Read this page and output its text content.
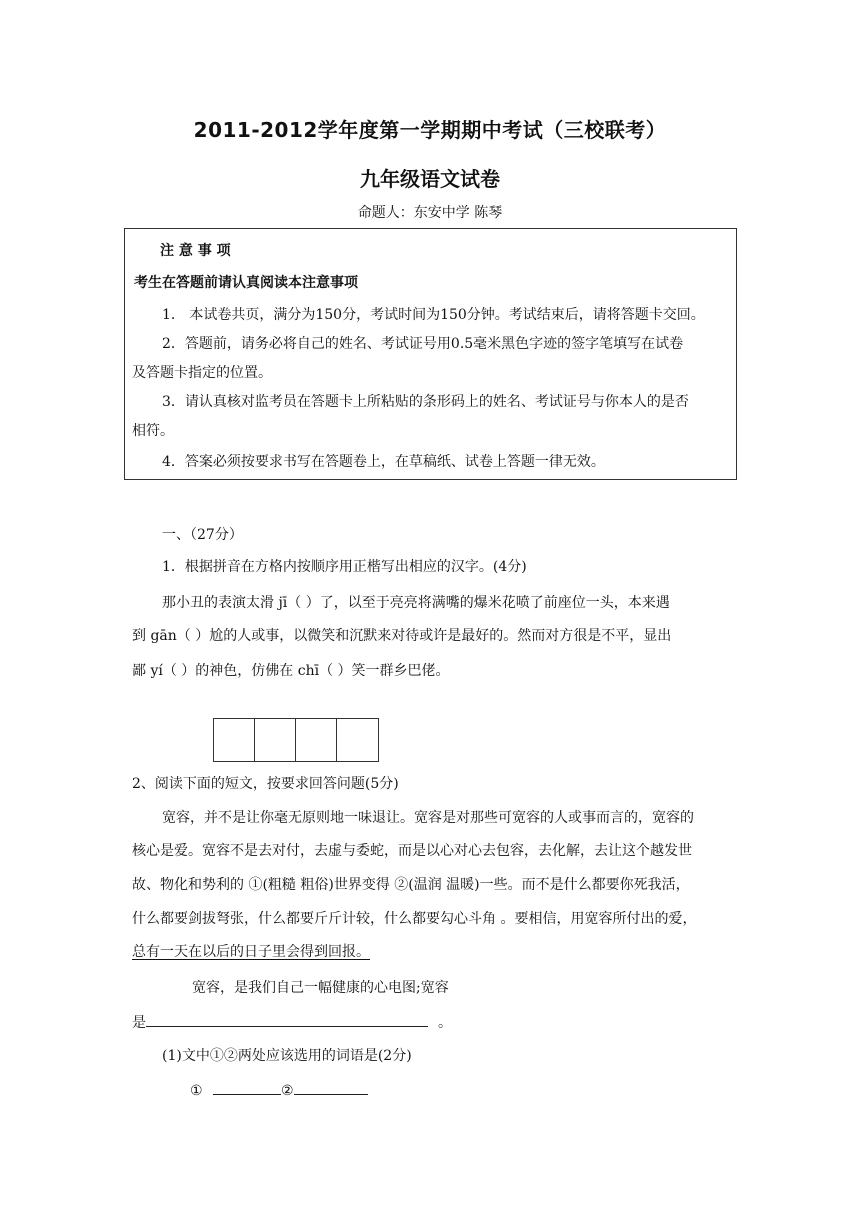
2011-2012学年度第一学期期中考试（三校联考）
九年级语文试卷
命题人：东安中学 陈琴
注 意 事 项
考生在答题前请认真阅读本注意事项
1． 本试卷共页，满分为150分，考试时间为150分钟。考试结束后，请将答题卡交回。
2．答题前，请务必将自己的姓名、考试证号用0.5毫米黑色字迹的签字笔填写在试卷
及答题卡指定的位置。
3．请认真核对监考员在答题卡上所粘贴的条形码上的姓名、考试证号与你本人的是否
相符。
4．答案必须按要求书写在答题卷上，在草稿纸、试卷上答题一律无效。
一、（27分）
1．根据拼音在方格内按顺序用正楷写出相应的汉字。(4分)
那小丑的表演太滑 jī（ ）了，以至于亮亮将满嘴的爆米花喷了前座位一头，本来遇
到 gān（ ）尬的人或事，以微笑和沉默来对待或许是最好的。然而对方很是不平，显出
鄙 yí（ ）的神色，仿佛在 chī（ ）笑一群乡巴佬。
2、阅读下面的短文，按要求回答问题(5分)
宽容，并不是让你毫无原则地一味退让。宽容是对那些可宽容的人或事而言的，宽容的
核心是爱。宽容不是去对付，去虚与委蛇，而是以心对心去包容，去化解，去让这个越发世
故、物化和势利的 ①(粗糙 粗俗)世界变得 ②(温润 温暖)一些。而不是什么都要你死我活，
什么都要剑拔弩张，什么都要斤斤计较，什么都要勾心斗角 。要相信，用宽容所付出的爱，
总有一天在以后的日子里会得到回报。
宽容，是我们自己一幅健康的心电图;宽容
是	。
(1)文中①②两处应该选用的词语是(2分)
①	②
